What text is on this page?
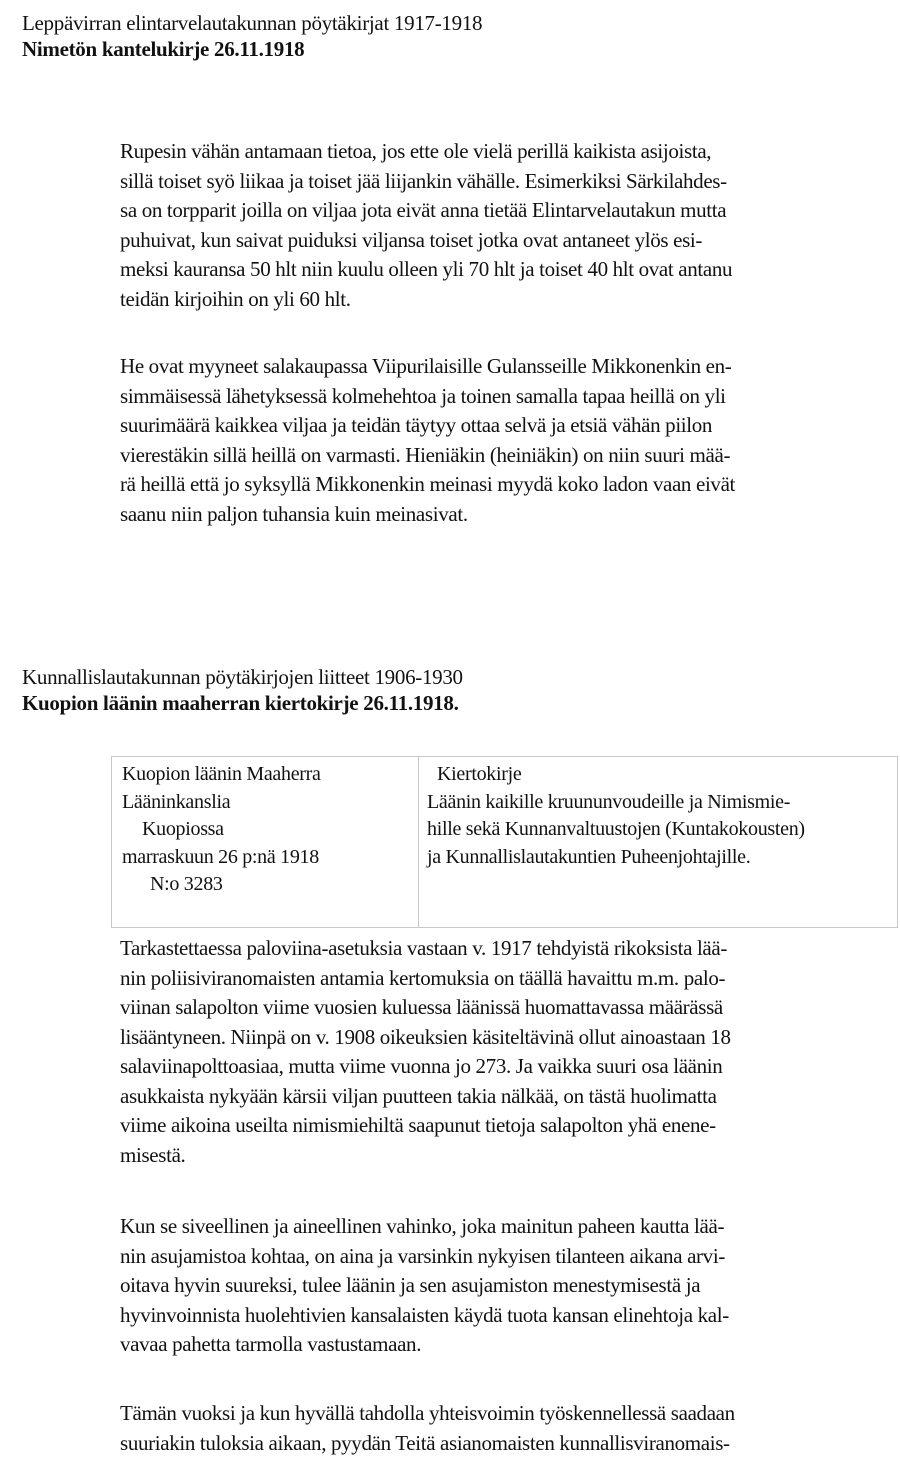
Leppävirran elintarvelautakunnan pöytäkirjat 1917-1918
Nimetön kantelukirje 26.11.1918
Rupesin vähän antamaan tietoa, jos ette ole vielä perillä kaikista asijoista,
sillä toiset syö liikaa ja toiset jää liijankin vähälle. Esimerkiksi Särkilahdes-
sa on torpparit joilla on viljaa jota eivät anna tietää Elintarvelautakun mutta
puhuivat, kun saivat puiduksi viljansa toiset jotka ovat antaneet ylös esi-
meksi kauransa 50 hlt niin kuulu olleen yli 70 hlt ja toiset 40 hlt ovat antanu
teidän kirjoihin on yli 60 hlt.
He ovat myyneet salakaupassa Viipurilaisille Gulansseille Mikkonenkin en-
simmäisessä lähetyksessä kolmehehtoa ja toinen samalla tapaa heillä on yli
suurimäärä kaikkea viljaa ja teidän täytyy ottaa selvä ja etsiä vähän piilon
vierestäkin sillä heillä on varmasti. Hieniäkin (heiniäkin) on niin suuri mää-
rä heillä että jo syksyllä Mikkonenkin meinasi myydä koko ladon vaan eivät
saanu niin paljon tuhansia kuin meinasivat.
Kunnallislautakunnan pöytäkirjojen liitteet 1906-1930
Kuopion läänin maaherran kiertokirje 26.11.1918.
Kuopion läänin Maaherra
Lääninkanslia
Kuopiossa
marraskuun 26 p:nä 1918
N:o 3283
Kiertokirje
Läänin kaikille kruununvoudeille ja Nimismie-
hille sekä Kunnanvaltuustojen (Kuntakokousten)
ja Kunnallislautakuntien Puheenjohtajille.
Tarkastettaessa paloviina-asetuksia vastaan v. 1917 tehdyistä rikoksista lää-
nin poliisiviranomaisten antamia kertomuksia on täällä havaittu m.m. palo-
viinan salapolton viime vuosien kuluessa läänissä huomattavassa määrässä
lisääntyneen. Niinpä on v. 1908 oikeuksien käsiteltävinä ollut ainoastaan 18
salaviinapolttoasiaa, mutta viime vuonna jo 273. Ja vaikka suuri osa läänin
asukkaista nykyään kärsii viljan puutteen takia nälkää, on tästä huolimatta
viime aikoina useilta nimismiehiltä saapunut tietoja salapolton yhä enene-
misestä.
Kun se siveellinen ja aineellinen vahinko, joka mainitun paheen kautta lää-
nin asujamistoa kohtaa, on aina ja varsinkin nykyisen tilanteen aikana arvi-
oitava hyvin suureksi, tulee läänin ja sen asujamiston menestymisestä ja
hyvinvoinnista huolehtivien kansalaisten käydä tuota kansan elinehtoja kal-
vavaa pahetta tarmolla vastustamaan.
Tämän vuoksi ja kun hyvällä tahdolla yhteisvoimin työskennellessä saadaan
suuriakin tuloksia aikaan, pyydän Teitä asianomaisten kunnallisviranomais-
